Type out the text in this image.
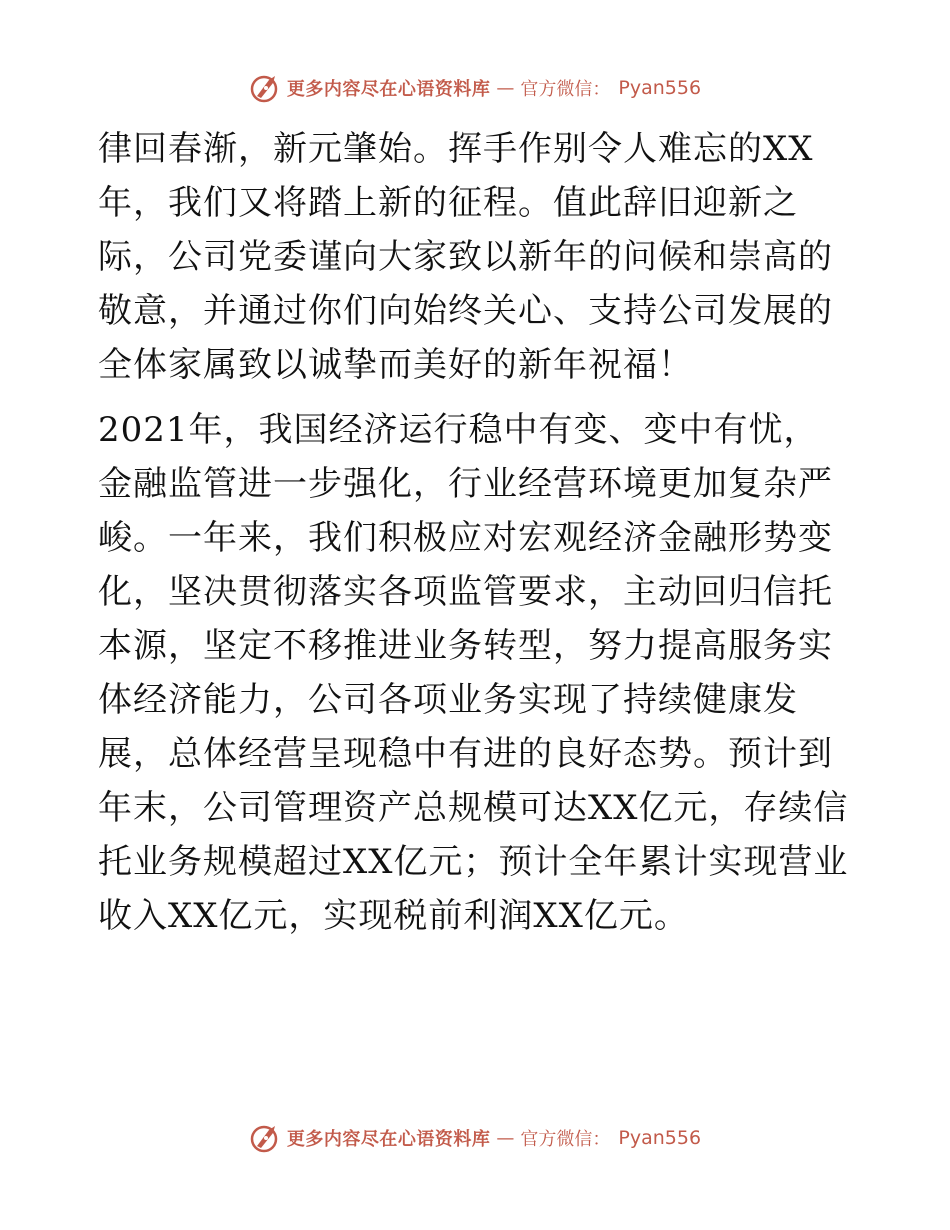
更多内容尽在心语资料库 — 官方微信： Pyan556

律回春渐，新元肇始。挥手作别令人难忘的XX年，我们又将踏上新的征程。值此辞旧迎新之际，公司党委谨向大家致以新年的问候和崇高的敬意，并通过你们向始终关心、支持公司发展的全体家属致以诚挚而美好的新年祝福！

2021年，我国经济运行稳中有变、变中有忧，金融监管进一步强化，行业经营环境更加复杂严峻。一年来，我们积极应对宏观经济金融形势变化，坚决贯彻落实各项监管要求，主动回归信托本源，坚定不移推进业务转型，努力提高服务实体经济能力，公司各项业务实现了持续健康发展，总体经营呈现稳中有进的良好态势。预计到年末，公司管理资产总规模可达XX亿元，存续信托业务规模超过XX亿元；预计全年累计实现营业收入XX亿元，实现税前利润XX亿元。

更多内容尽在心语资料库 — 官方微信： Pyan556
